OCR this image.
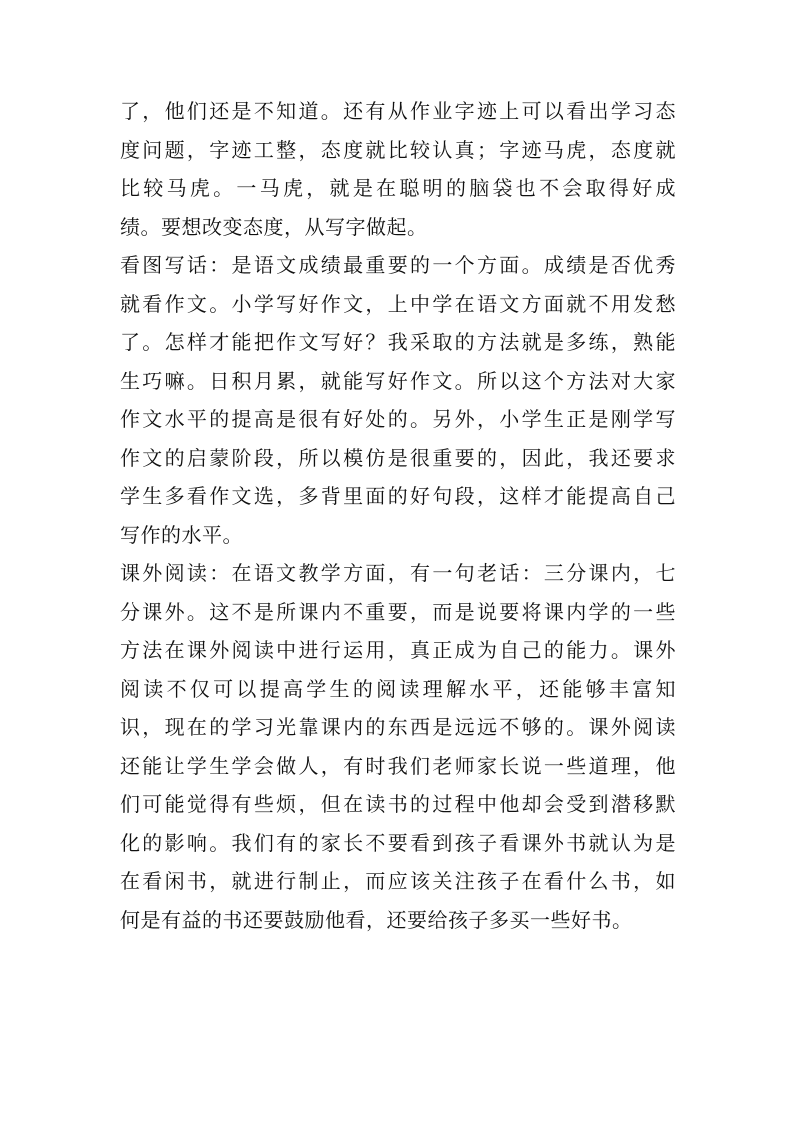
了，他们还是不知道。还有从作业字迹上可以看出学习态
度问题，字迹工整，态度就比较认真；字迹马虎，态度就
比较马虎。一马虎，就是在聪明的脑袋也不会取得好成
绩。要想改变态度，从写字做起。
看图写话：是语文成绩最重要的一个方面。成绩是否优秀
就看作文。小学写好作文，上中学在语文方面就不用发愁
了。怎样才能把作文写好？我采取的方法就是多练，熟能
生巧嘛。日积月累，就能写好作文。所以这个方法对大家
作文水平的提高是很有好处的。另外，小学生正是刚学写
作文的启蒙阶段，所以模仿是很重要的，因此，我还要求
学生多看作文选，多背里面的好句段，这样才能提高自己
写作的水平。
课外阅读：在语文教学方面，有一句老话：三分课内，七
分课外。这不是所课内不重要，而是说要将课内学的一些
方法在课外阅读中进行运用，真正成为自己的能力。课外
阅读不仅可以提高学生的阅读理解水平，还能够丰富知
识，现在的学习光靠课内的东西是远远不够的。课外阅读
还能让学生学会做人，有时我们老师家长说一些道理，他
们可能觉得有些烦，但在读书的过程中他却会受到潜移默
化的影响。我们有的家长不要看到孩子看课外书就认为是
在看闲书，就进行制止，而应该关注孩子在看什么书，如
何是有益的书还要鼓励他看，还要给孩子多买一些好书。
